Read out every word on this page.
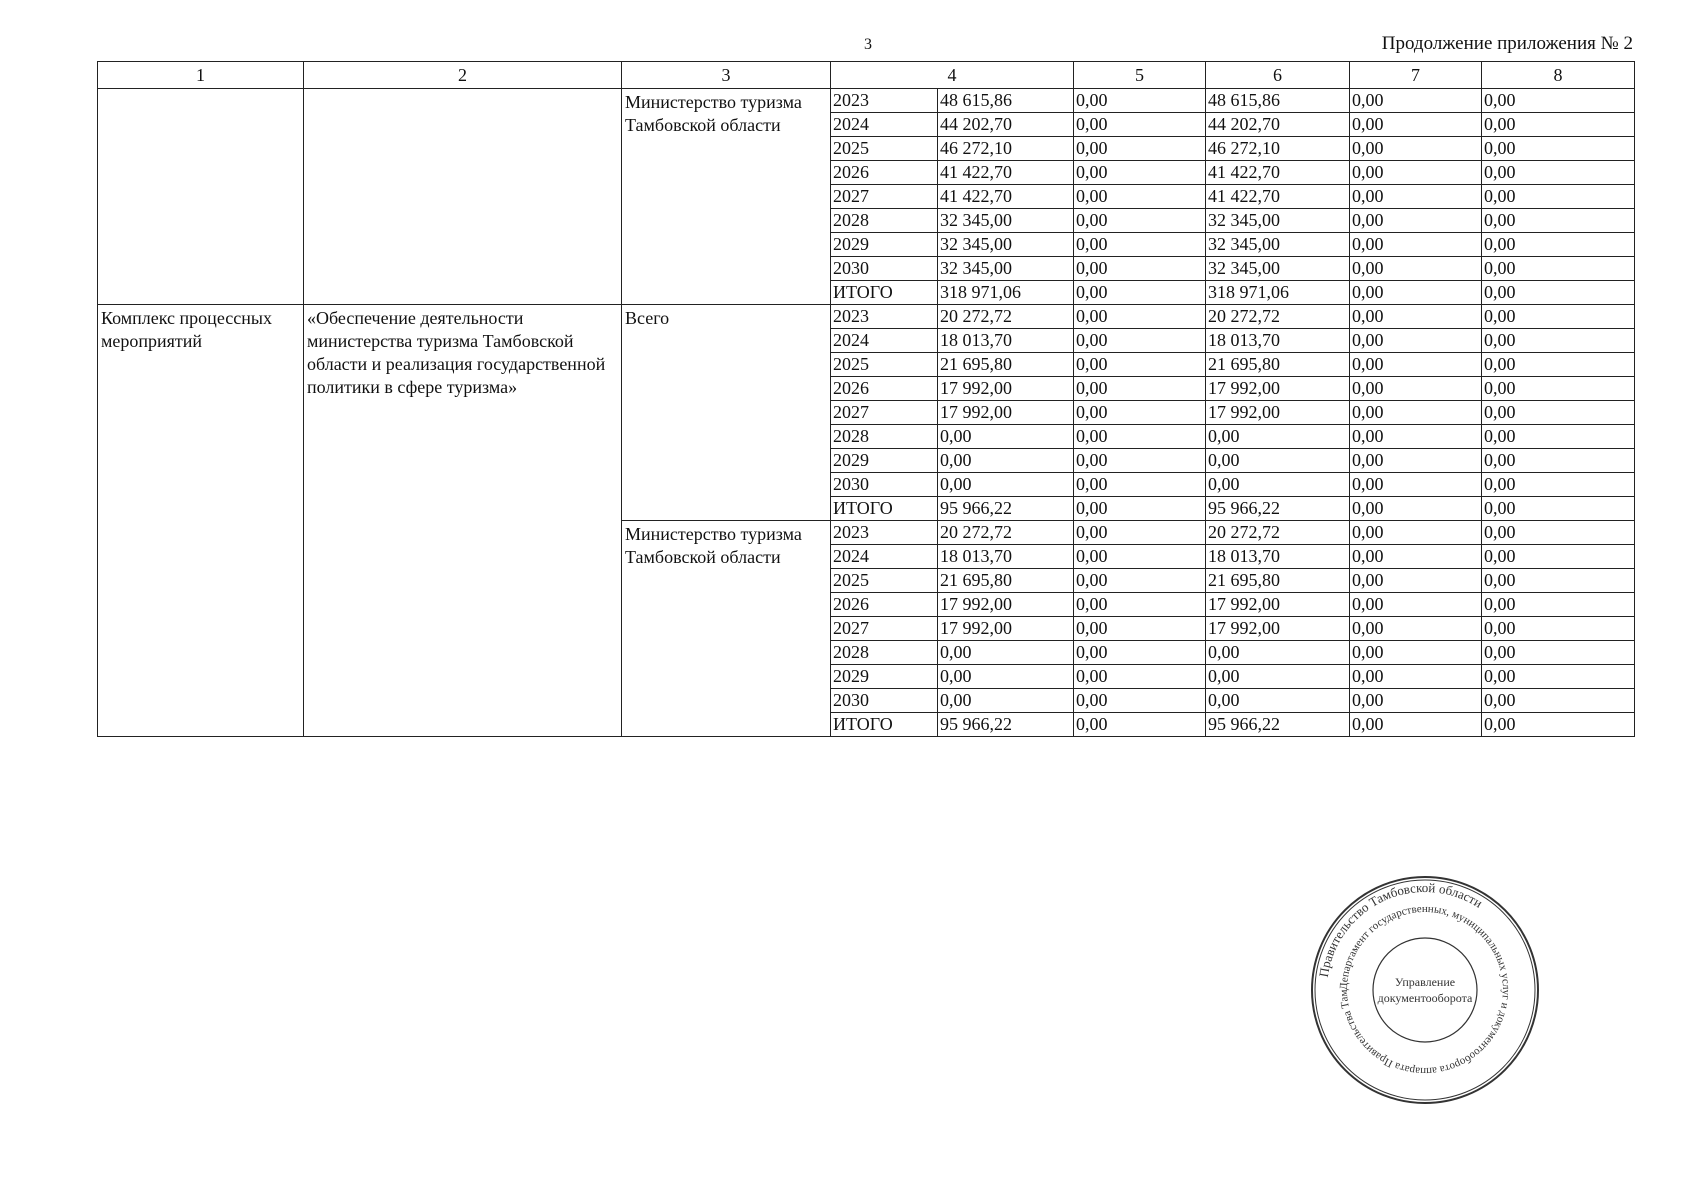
3	Продолжение приложения № 2
1	2	3	4		5	6	7	8
		Министерство туризма Тамбовской области	2023	48 615,86	0,00	48 615,86	0,00	0,00
			2024	44 202,70	0,00	44 202,70	0,00	0,00
			2025	46 272,10	0,00	46 272,10	0,00	0,00
			2026	41 422,70	0,00	41 422,70	0,00	0,00
			2027	41 422,70	0,00	41 422,70	0,00	0,00
			2028	32 345,00	0,00	32 345,00	0,00	0,00
			2029	32 345,00	0,00	32 345,00	0,00	0,00
			2030	32 345,00	0,00	32 345,00	0,00	0,00
			ИТОГО	318 971,06	0,00	318 971,06	0,00	0,00
Комплекс процессных мероприятий	«Обеспечение деятельности министерства туризма Тамбовской области и реализация государственной политики в сфере туризма»	Всего	2023	20 272,72	0,00	20 272,72	0,00	0,00
			2024	18 013,70	0,00	18 013,70	0,00	0,00
			2025	21 695,80	0,00	21 695,80	0,00	0,00
			2026	17 992,00	0,00	17 992,00	0,00	0,00
			2027	17 992,00	0,00	17 992,00	0,00	0,00
			2028	0,00	0,00	0,00	0,00	0,00
			2029	0,00	0,00	0,00	0,00	0,00
			2030	0,00	0,00	0,00	0,00	0,00
			ИТОГО	95 966,22	0,00	95 966,22	0,00	0,00
		Министерство туризма Тамбовской области	2023	20 272,72	0,00	20 272,72	0,00	0,00
			2024	18 013,70	0,00	18 013,70	0,00	0,00
			2025	21 695,80	0,00	21 695,80	0,00	0,00
			2026	17 992,00	0,00	17 992,00	0,00	0,00
			2027	17 992,00	0,00	17 992,00	0,00	0,00
			2028	0,00	0,00	0,00	0,00	0,00
			2029	0,00	0,00	0,00	0,00	0,00
			2030	0,00	0,00	0,00	0,00	0,00
			ИТОГО	95 966,22	0,00	95 966,22	0,00	0,00
Правительство Тамбовской области
Департамент государственных, муниципальных услуг и документооборота аппарата Правительства Там
Управление
документооборота
